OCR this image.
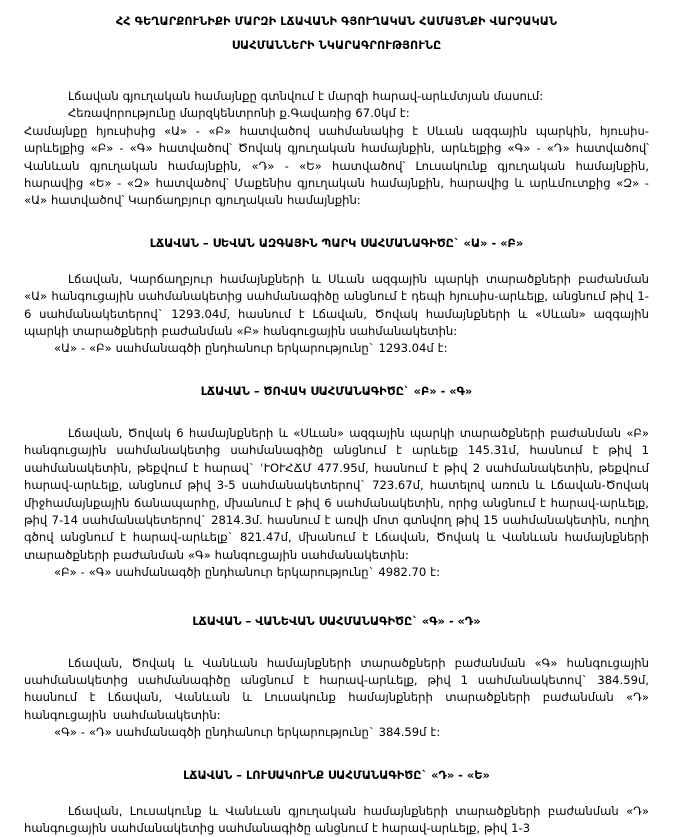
ՀՀ ԳԵՂԱՐՔՈՒՆԻՔԻ ՄԱՐԶԻ ԼՃԱՎԱՆԻ ԳՅՈՒՂԱԿԱՆ ՀԱՄԱՅՆՔԻ ՎԱՐՉԱԿԱՆ
ՍԱՀՄԱՆՆԵՐԻ ՆԿԱՐԱԳՐՈՒԹՅՈՒՆԸ

Լճավան գյուղական համայնքը գտնվում է մարզի հարավ-արևմտյան մասում:

Հեռավորությունը մարզկենտրոնի ք.Գավառից 67.0կմ է:

Համայնքը հյուսիսից «Ա» - «Բ» հատվածով սահմանակից է Սևան ազգային պարկին, հյուսիս-արևելքից «Բ» - «Գ» հատվածով՝ Ծովակ գյուղական համայնքին, արևելքից «Գ» - «Դ» հատվածով՝ Վանևան գյուղական համայնքին, «Դ» - «Ե» հատվածով՝ Լուսակունք գյուղական համայնքին, հարավից «Ե» - «Զ» հատվածով՝ Մաքենիս գյուղական համայնքին, հարավից և արևմուտքից «Զ» - «Ա» հատվածով՝ Կարճաղբյուր գյուղական համայնքին:

ԼՃԱՎԱՆ – ՍԵՎԱՆ ԱԶԳԱՅԻՆ ՊԱՐԿ ՍԱՀՄԱՆԱԳԻԾԸ` «Ա» - «Բ»

Լճավան, Կարճաղբյուր համայնքների և Սևան ազգային պարկի տարածքների բաժանման «Ա» հանգուցային սահմանակետից սահմանագիծը անցնում է դեպի հյուսիս-արևելք, անցնում թիվ 1-6 սահմանակետերով` 1293.04մ, հասնում է Լճավան, Ծովակ համայնքների և «Սևան» ազգային պարկի տարածքների բաժանման «Բ» հանգուցային սահմանակետին:

«Ա» - «Բ» սահմանագծի ընդհանուր երկարությունը` 1293.04մ է:

ԼՃԱՎԱՆ – ԾՈՎԱԿ ՍԱՀՄԱՆԱԳԻԾԸ` «Բ» - «Գ»

Լճավան, Ծովակ 6 համայնքների և «Սևան» ազգային պարկի տարածքների բաժանման «Բ» հանգուցային սահմանակետից սահմանագիծը անցնում է արևելք 145.31մ, հասնում է թիվ 1 սահմանակետին, թեքվում է հարավ` ՙՒՕՒՀՃՄ 477.95մ, հասնում է թիվ 2 սահմանակետին, թեքվում հարավ-արևելք, անցնում թիվ 3-5 սահմանակետերով` 723.67մ, հատելով առուն և Լճավան-Ծովակ միջհամայնքային ճանապարհը, մխանում է թիվ 6 սահմանակետին, որից անցնում է հարավ-արևելք, թիվ 7-14 սահմանակետերով` 2814.3մ. հասնում է առվի մոտ գտնվող թիվ 15 սահմանակետին, ուղիղ գծով անցնում է հարավ-արևելք` 821.47մ, մխանում է Լճավան, Ծովակ և Վանևան համայնքների տարածքների բաժանման «Գ» հանգուցային սահմանակետին:

«Բ» - «Գ» սահմանագծի ընդհանուր երկարությունը` 4982.70 է:

ԼՃԱՎԱՆ – ՎԱՆԵՎԱՆ ՍԱՀՄԱՆԱԳԻԾԸ` «Գ» - «Դ»

Լճավան, Ծովակ և Վանևան համայնքների տարածքների բաժանման «Գ» հանգուցային սահմանակետից սահմանագիծը անցնում է հարավ-արևելք, թիվ 1 սահմանակետով` 384.59մ, հասնում է Լճավան, Վանևան և Լուսակունք համայնքների տարածքների բաժանման «Դ» հանգուցային սահմանակետին:

«Գ» - «Դ» սահմանագծի ընդհանուր երկարությունը` 384.59մ է:

ԼՃԱՎԱՆ – ԼՈՒՍԱԿՈՒՆՔ ՍԱՀՄԱՆԱԳԻԾԸ` «Դ» - «Ե»

Լճավան, Լուսակունք և Վանևան գյուղական համայնքների տարածքների բաժանման «Դ» հանգուցային սահմանակետից սահմանագիծը անցնում է հարավ-արևելք, թիվ 1-3
